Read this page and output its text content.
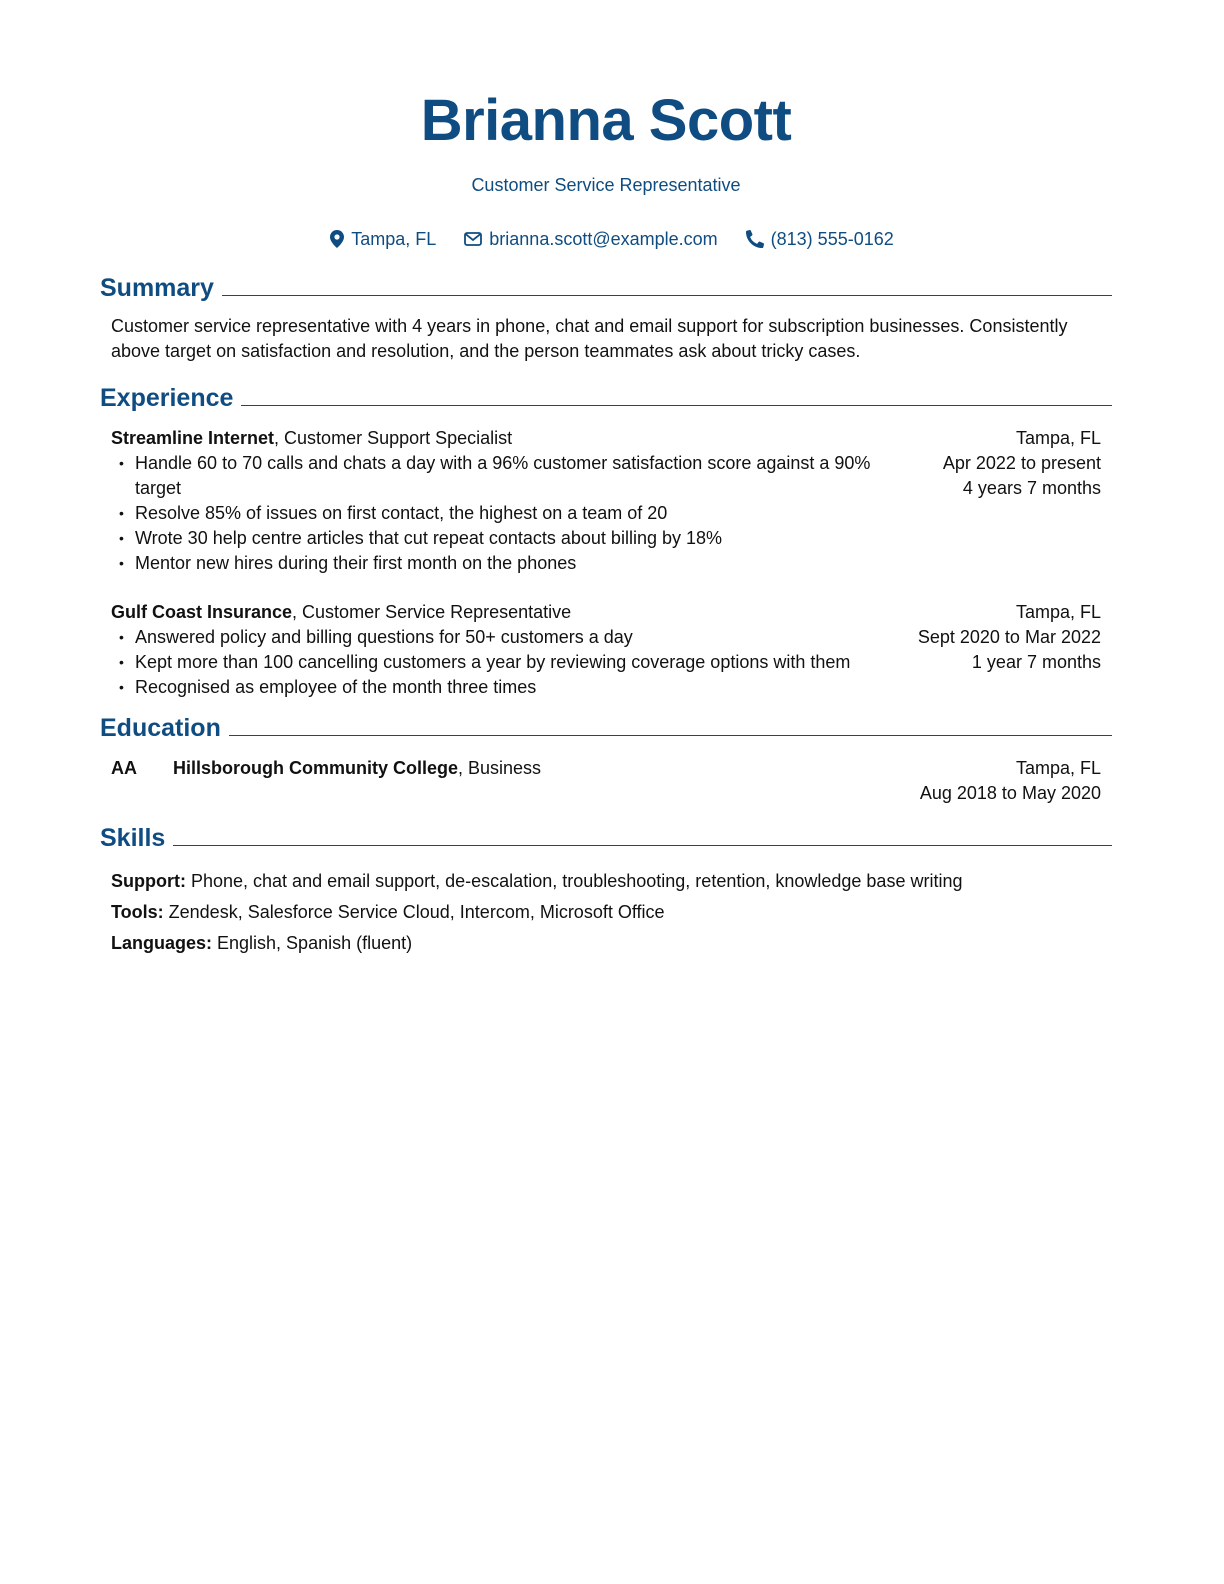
Brianna Scott
Customer Service Representative
Tampa, FL	brianna.scott@example.com	(813) 555-0162
Summary
Customer service representative with 4 years in phone, chat and email support for subscription businesses. Consistently above target on satisfaction and resolution, and the person teammates ask about tricky cases.
Experience
Streamline Internet, Customer Support Specialist
• Handle 60 to 70 calls and chats a day with a 96% customer satisfaction score against a 90% target
• Resolve 85% of issues on first contact, the highest on a team of 20
• Wrote 30 help centre articles that cut repeat contacts about billing by 18%
• Mentor new hires during their first month on the phones
Tampa, FL
Apr 2022 to present
4 years 7 months
Gulf Coast Insurance, Customer Service Representative
• Answered policy and billing questions for 50+ customers a day
• Kept more than 100 cancelling customers a year by reviewing coverage options with them
• Recognised as employee of the month three times
Tampa, FL
Sept 2020 to Mar 2022
1 year 7 months
Education
AA	Hillsborough Community College, Business	Tampa, FL
Aug 2018 to May 2020
Skills
Support: Phone, chat and email support, de-escalation, troubleshooting, retention, knowledge base writing
Tools: Zendesk, Salesforce Service Cloud, Intercom, Microsoft Office
Languages: English, Spanish (fluent)
